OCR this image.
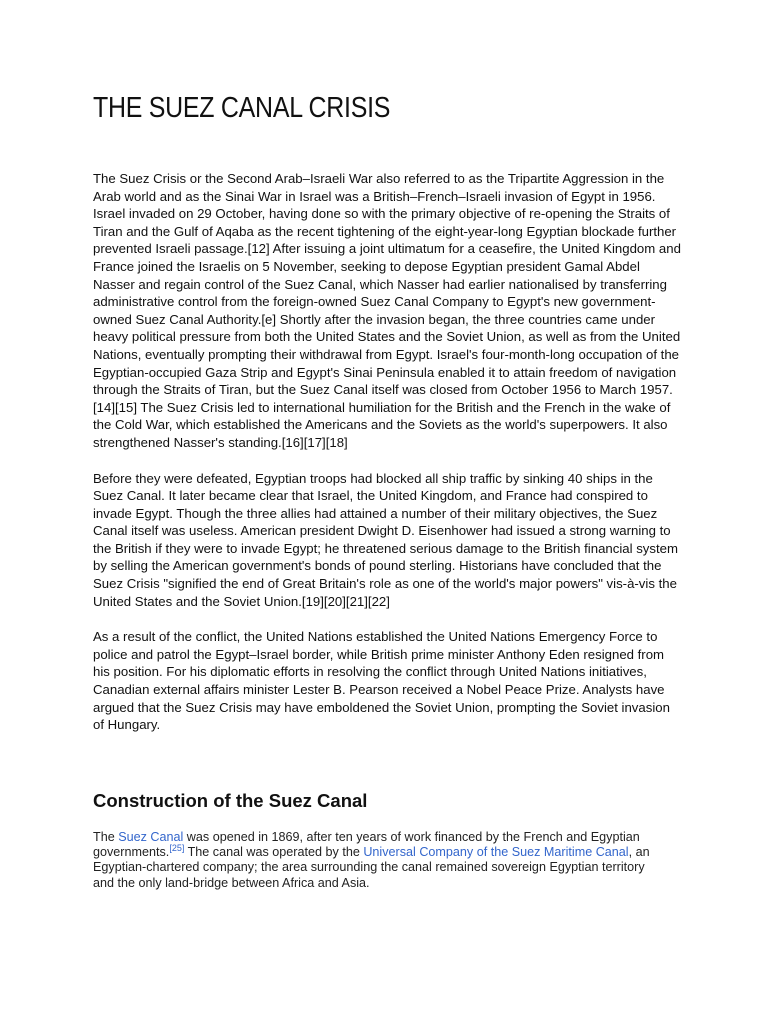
THE SUEZ CANAL CRISIS

The Suez Crisis or the Second Arab–Israeli War also referred to as the Tripartite Aggression in the Arab world and as the Sinai War in Israel was a British–French–Israeli invasion of Egypt in 1956. Israel invaded on 29 October, having done so with the primary objective of re-opening the Straits of Tiran and the Gulf of Aqaba as the recent tightening of the eight-year-long Egyptian blockade further prevented Israeli passage.[12] After issuing a joint ultimatum for a ceasefire, the United Kingdom and France joined the Israelis on 5 November, seeking to depose Egyptian president Gamal Abdel Nasser and regain control of the Suez Canal, which Nasser had earlier nationalised by transferring administrative control from the foreign-owned Suez Canal Company to Egypt's new government-owned Suez Canal Authority.[e] Shortly after the invasion began, the three countries came under heavy political pressure from both the United States and the Soviet Union, as well as from the United Nations, eventually prompting their withdrawal from Egypt. Israel's four-month-long occupation of the Egyptian-occupied Gaza Strip and Egypt's Sinai Peninsula enabled it to attain freedom of navigation through the Straits of Tiran, but the Suez Canal itself was closed from October 1956 to March 1957.[14][15] The Suez Crisis led to international humiliation for the British and the French in the wake of the Cold War, which established the Americans and the Soviets as the world's superpowers. It also strengthened Nasser's standing.[16][17][18]

Before they were defeated, Egyptian troops had blocked all ship traffic by sinking 40 ships in the Suez Canal. It later became clear that Israel, the United Kingdom, and France had conspired to invade Egypt. Though the three allies had attained a number of their military objectives, the Suez Canal itself was useless. American president Dwight D. Eisenhower had issued a strong warning to the British if they were to invade Egypt; he threatened serious damage to the British financial system by selling the American government's bonds of pound sterling. Historians have concluded that the Suez Crisis "signified the end of Great Britain's role as one of the world's major powers" vis-à-vis the United States and the Soviet Union.[19][20][21][22]

As a result of the conflict, the United Nations established the United Nations Emergency Force to police and patrol the Egypt–Israel border, while British prime minister Anthony Eden resigned from his position. For his diplomatic efforts in resolving the conflict through United Nations initiatives, Canadian external affairs minister Lester B. Pearson received a Nobel Peace Prize. Analysts have argued that the Suez Crisis may have emboldened the Soviet Union, prompting the Soviet invasion of Hungary.

Construction of the Suez Canal

The Suez Canal was opened in 1869, after ten years of work financed by the French and Egyptian governments.[25] The canal was operated by the Universal Company of the Suez Maritime Canal, an Egyptian-chartered company; the area surrounding the canal remained sovereign Egyptian territory and the only land-bridge between Africa and Asia.
